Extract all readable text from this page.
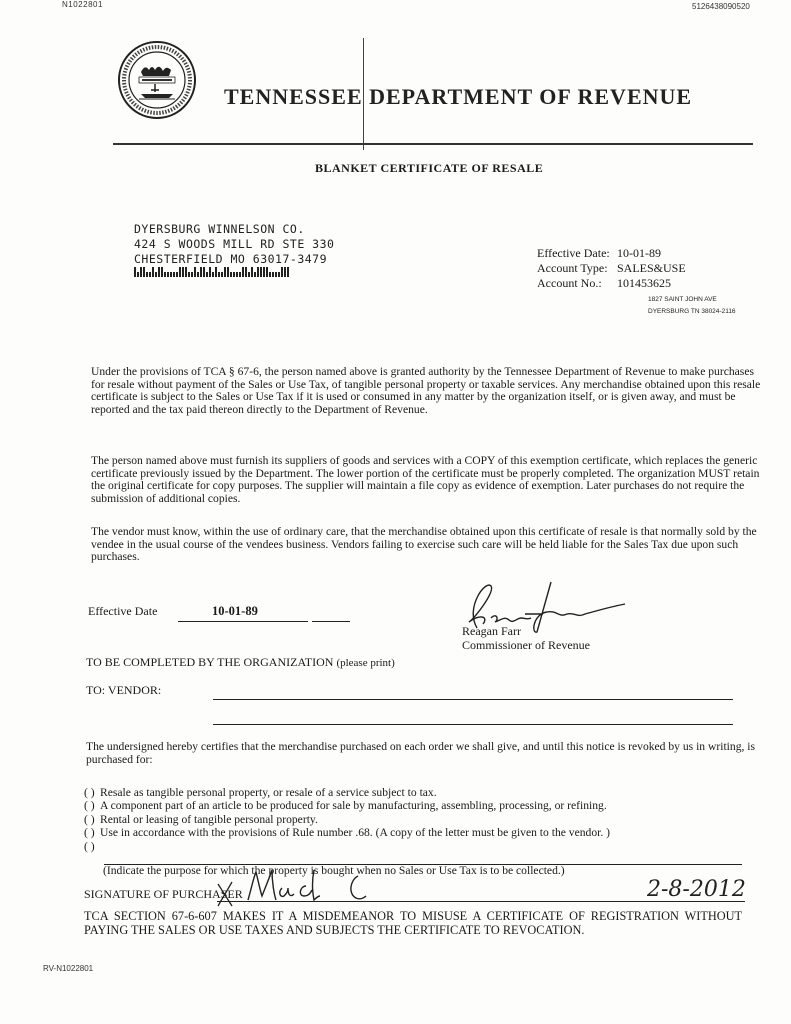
N1022801	5126438090520
TENNESSEE DEPARTMENT OF REVENUE
BLANKET CERTIFICATE OF RESALE
DYERSBURG WINNELSON CO.
424 S WOODS MILL RD STE 330
CHESTERFIELD MO 63017-3479	Effective Date:	10-01-89
Account Type:	SALES&USE
Account No.:	101453625
1827 SAINT JOHN AVE
DYERSBURG TN 38024-2116
Under the provisions of TCA § 67-6, the person named above is granted authority by the Tennessee Department of Revenue to make purchases for resale without payment of the Sales or Use Tax, of tangible personal property or taxable services. Any merchandise obtained upon this resale certificate is subject to the Sales or Use Tax if it is used or consumed in any matter by the organization itself, or is given away, and must be reported and the tax paid thereon directly to the Department of Revenue.
The person named above must furnish its suppliers of goods and services with a COPY of this exemption certificate, which replaces the generic certificate previously issued by the Department. The lower portion of the certificate must be properly completed. The organization MUST retain the original certificate for copy purposes. The supplier will maintain a file copy as evidence of exemption. Later purchases do not require the submission of additional copies.
The vendor must know, within the use of ordinary care, that the merchandise obtained upon this certificate of resale is that normally sold by the vendee in the usual course of the vendees business. Vendors failing to exercise such care will be held liable for the Sales Tax due upon such purchases.
Effective Date	10-01-89
Reagan Farr
Commissioner of Revenue
TO BE COMPLETED BY THE ORGANIZATION (please print)
TO: VENDOR:
The undersigned hereby certifies that the merchandise purchased on each order we shall give, and until this notice is revoked by us in writing, is purchased for:
( ) Resale as tangible personal property, or resale of a service subject to tax.
( ) A component part of an article to be produced for sale by manufacturing, assembling, processing, or refining.
( ) Rental or leasing of tangible personal property.
( ) Use in accordance with the provisions of Rule number .68. (A copy of the letter must be given to the vendor. )
( )
(Indicate the purpose for which the property is bought when no Sales or Use Tax is to be collected.)
SIGNATURE OF PURCHASER	2-8-2012
TCA SECTION 67-6-607 MAKES IT A MISDEMEANOR TO MISUSE A CERTIFICATE OF REGISTRATION WITHOUT PAYING THE SALES OR USE TAXES AND SUBJECTS THE CERTIFICATE TO REVOCATION.
RV-N1022801
